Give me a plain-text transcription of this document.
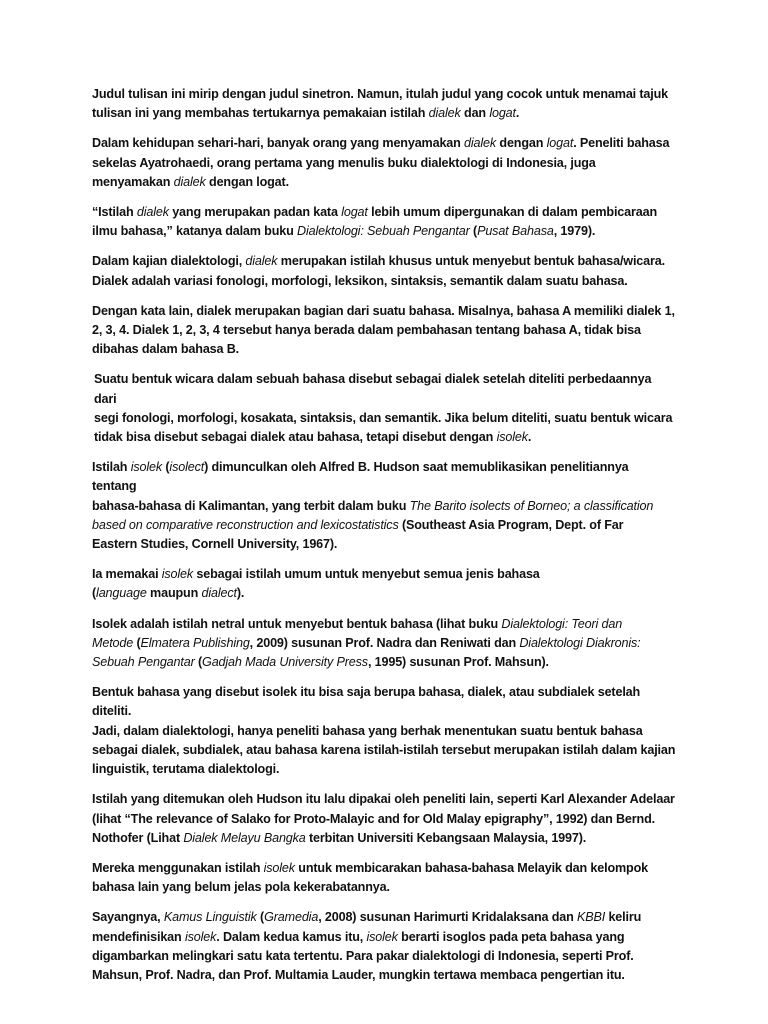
Judul tulisan ini mirip dengan judul sinetron. Namun, itulah judul yang cocok untuk menamai tajuk
tulisan ini yang membahas tertukarnya pemakaian istilah dialek dan logat.

Dalam kehidupan sehari-hari, banyak orang yang menyamakan dialek dengan logat. Peneliti bahasa
sekelas Ayatrohaedi, orang pertama yang menulis buku dialektologi di Indonesia, juga
menyamakan dialek dengan logat.

“Istilah dialek yang merupakan padan kata logat lebih umum dipergunakan di dalam pembicaraan
ilmu bahasa,” katanya dalam buku Dialektologi: Sebuah Pengantar (Pusat Bahasa, 1979).

Dalam kajian dialektologi, dialek merupakan istilah khusus untuk menyebut bentuk bahasa/wicara.
Dialek adalah variasi fonologi, morfologi, leksikon, sintaksis, semantik dalam suatu bahasa.

Dengan kata lain, dialek merupakan bagian dari suatu bahasa. Misalnya, bahasa A memiliki dialek 1,
2, 3, 4. Dialek 1, 2, 3, 4 tersebut hanya berada dalam pembahasan tentang bahasa A, tidak bisa
dibahas dalam bahasa B.

Suatu bentuk wicara dalam sebuah bahasa disebut sebagai dialek setelah diteliti perbedaannya dari
segi fonologi, morfologi, kosakata, sintaksis, dan semantik. Jika belum diteliti, suatu bentuk wicara
tidak bisa disebut sebagai dialek atau bahasa, tetapi disebut dengan isolek.

Istilah isolek (isolect) dimunculkan oleh Alfred B. Hudson saat memublikasikan penelitiannya tentang
bahasa-bahasa di Kalimantan, yang terbit dalam buku The Barito isolects of Borneo; a classification
based on comparative reconstruction and lexicostatistics (Southeast Asia Program, Dept. of Far
Eastern Studies, Cornell University, 1967).

Ia memakai isolek sebagai istilah umum untuk menyebut semua jenis bahasa
(language maupun dialect).

Isolek adalah istilah netral untuk menyebut bentuk bahasa (lihat buku Dialektologi: Teori dan
Metode (Elmatera Publishing, 2009) susunan Prof. Nadra dan Reniwati dan Dialektologi Diakronis:
Sebuah Pengantar (Gadjah Mada University Press, 1995) susunan Prof. Mahsun).

Bentuk bahasa yang disebut isolek itu bisa saja berupa bahasa, dialek, atau subdialek setelah diteliti.
Jadi, dalam dialektologi, hanya peneliti bahasa yang berhak menentukan suatu bentuk bahasa
sebagai dialek, subdialek, atau bahasa karena istilah-istilah tersebut merupakan istilah dalam kajian
linguistik, terutama dialektologi.

Istilah yang ditemukan oleh Hudson itu lalu dipakai oleh peneliti lain, seperti Karl Alexander Adelaar
(lihat “The relevance of Salako for Proto-Malayic and for Old Malay epigraphy”, 1992) dan Bernd.
Nothofer (Lihat Dialek Melayu Bangka terbitan Universiti Kebangsaan Malaysia, 1997).

Mereka menggunakan istilah isolek untuk membicarakan bahasa-bahasa Melayik dan kelompok
bahasa lain yang belum jelas pola kekerabatannya.

Sayangnya, Kamus Linguistik (Gramedia, 2008) susunan Harimurti Kridalaksana dan KBBI keliru
mendefinisikan isolek. Dalam kedua kamus itu, isolek berarti isoglos pada peta bahasa yang
digambarkan melingkari satu kata tertentu. Para pakar dialektologi di Indonesia, seperti Prof.
Mahsun, Prof. Nadra, dan Prof. Multamia Lauder, mungkin tertawa membaca pengertian itu.
